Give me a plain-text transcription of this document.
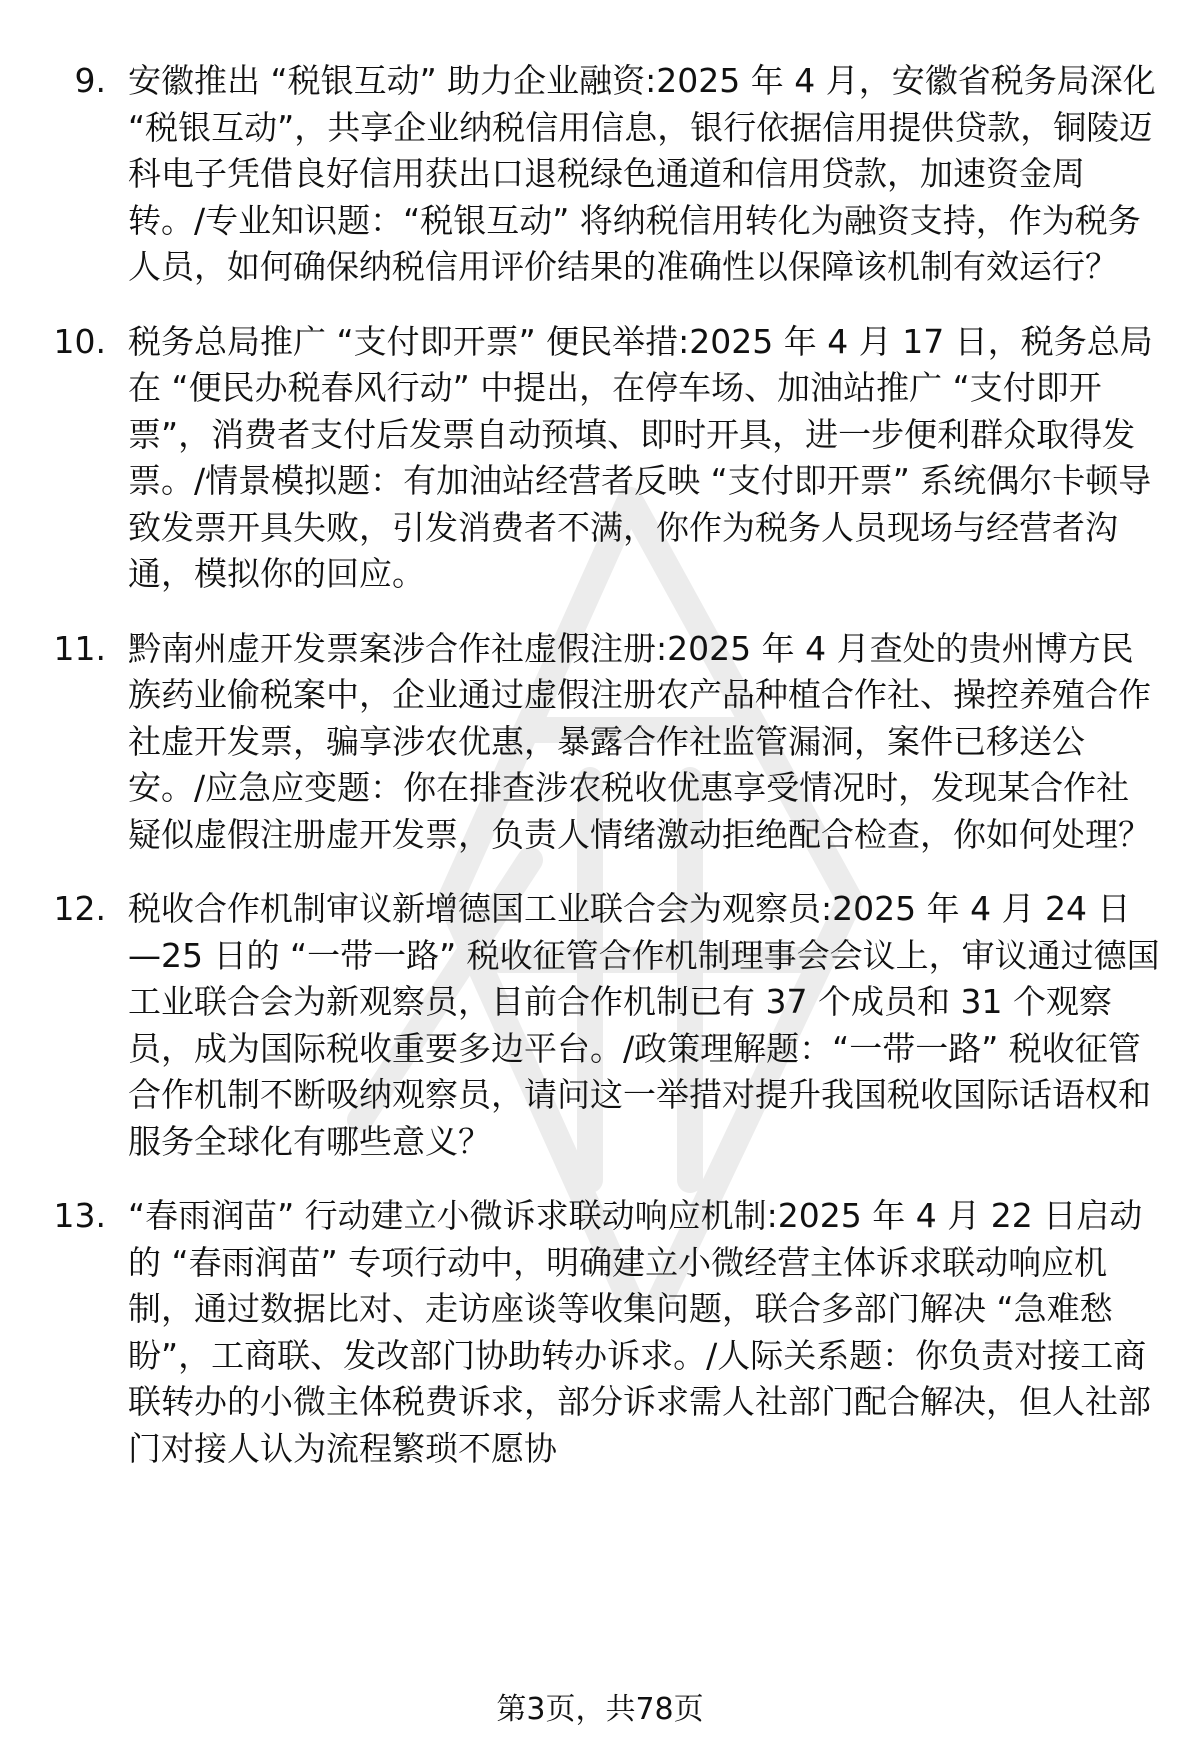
9. 安徽推出 “税银互动” 助力企业融资:2025 年 4 月，安徽省税务局深化 “税银互动”，共享企业纳税信用信息，银行依据信用提供贷款，铜陵迈科电子凭借良好信用获出口退税绿色通道和信用贷款，加速资金周转。/专业知识题：“税银互动” 将纳税信用转化为融资支持，作为税务人员，如何确保纳税信用评价结果的准确性以保障该机制有效运行？
10. 税务总局推广 “支付即开票” 便民举措:2025 年 4 月 17 日，税务总局在 “便民办税春风行动” 中提出，在停车场、加油站推广 “支付即开票”，消费者支付后发票自动预填、即时开具，进一步便利群众取得发票。/情景模拟题：有加油站经营者反映 “支付即开票” 系统偶尔卡顿导致发票开具失败，引发消费者不满，你作为税务人员现场与经营者沟通，模拟你的回应。
11. 黔南州虚开发票案涉合作社虚假注册:2025 年 4 月查处的贵州博方民族药业偷税案中，企业通过虚假注册农产品种植合作社、操控养殖合作社虚开发票，骗享涉农优惠，暴露合作社监管漏洞，案件已移送公安。/应急应变题：你在排查涉农税收优惠享受情况时，发现某合作社疑似虚假注册虚开发票，负责人情绪激动拒绝配合检查，你如何处理？
12. 税收合作机制审议新增德国工业联合会为观察员:2025 年 4 月 24 日 —25 日的 “一带一路” 税收征管合作机制理事会会议上，审议通过德国工业联合会为新观察员，目前合作机制已有 37 个成员和 31 个观察员，成为国际税收重要多边平台。/政策理解题：“一带一路” 税收征管合作机制不断吸纳观察员，请问这一举措对提升我国税收国际话语权和服务全球化有哪些意义？
13. “春雨润苗” 行动建立小微诉求联动响应机制:2025 年 4 月 22 日启动的 “春雨润苗” 专项行动中，明确建立小微经营主体诉求联动响应机制，通过数据比对、走访座谈等收集问题，联合多部门解决 “急难愁盼”，工商联、发改部门协助转办诉求。/人际关系题：你负责对接工商联转办的小微主体税费诉求，部分诉求需人社部门配合解决，但人社部门对接人认为流程繁琐不愿协
第3页，共78页
